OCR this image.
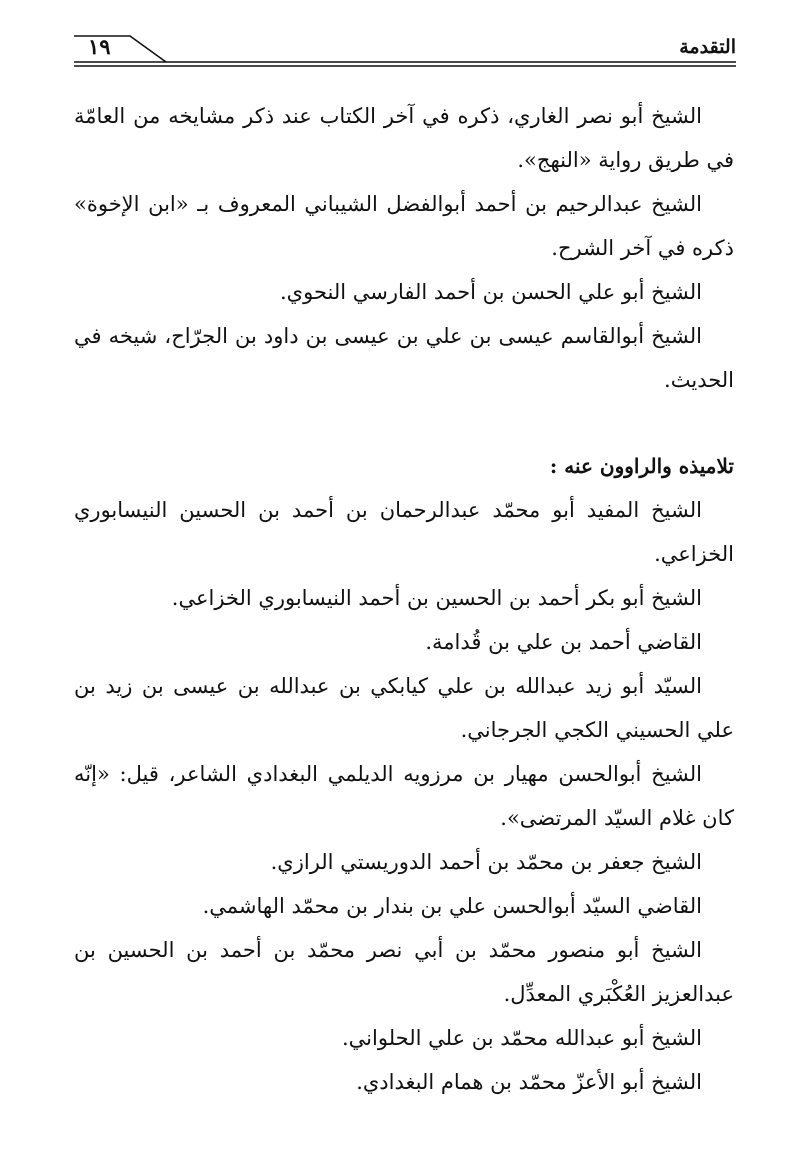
١٩	التقدمة

الشيخ أبو نصر الغاري، ذكره في آخر الكتاب عند ذكر مشايخه من العامّة في طريق رواية «النهج».

الشيخ عبدالرحيم بن أحمد أبوالفضل الشيباني المعروف بـ «ابن الإخوة» ذكره في آخر الشرح.

الشيخ أبو علي الحسن بن أحمد الفارسي النحوي.

الشيخ أبوالقاسم عيسى بن علي بن عيسى بن داود بن الجرّاح، شيخه في الحديث.

تلاميذه والراوون عنه :

الشيخ المفيد أبو محمّد عبدالرحمان بن أحمد بن الحسين النيسابوري الخزاعي.

الشيخ أبو بكر أحمد بن الحسين بن أحمد النيسابوري الخزاعي.

القاضي أحمد بن علي بن قُدامة.

السيّد أبو زيد عبدالله بن علي كيابكي بن عبدالله بن عيسى بن زيد بن علي الحسيني الكجي الجرجاني.

الشيخ أبوالحسن مهيار بن مرزويه الديلمي البغدادي الشاعر، قيل: «إنّه كان غلام السيّد المرتضى».

الشيخ جعفر بن محمّد بن أحمد الدوريستي الرازي.

القاضي السيّد أبوالحسن علي بن بندار بن محمّد الهاشمي.

الشيخ أبو منصور محمّد بن أبي نصر محمّد بن أحمد بن الحسين بن عبدالعزيز العُكْبَري المعدِّل.

الشيخ أبو عبدالله محمّد بن علي الحلواني.

الشيخ أبو الأعزّ محمّد بن همام البغدادي.
